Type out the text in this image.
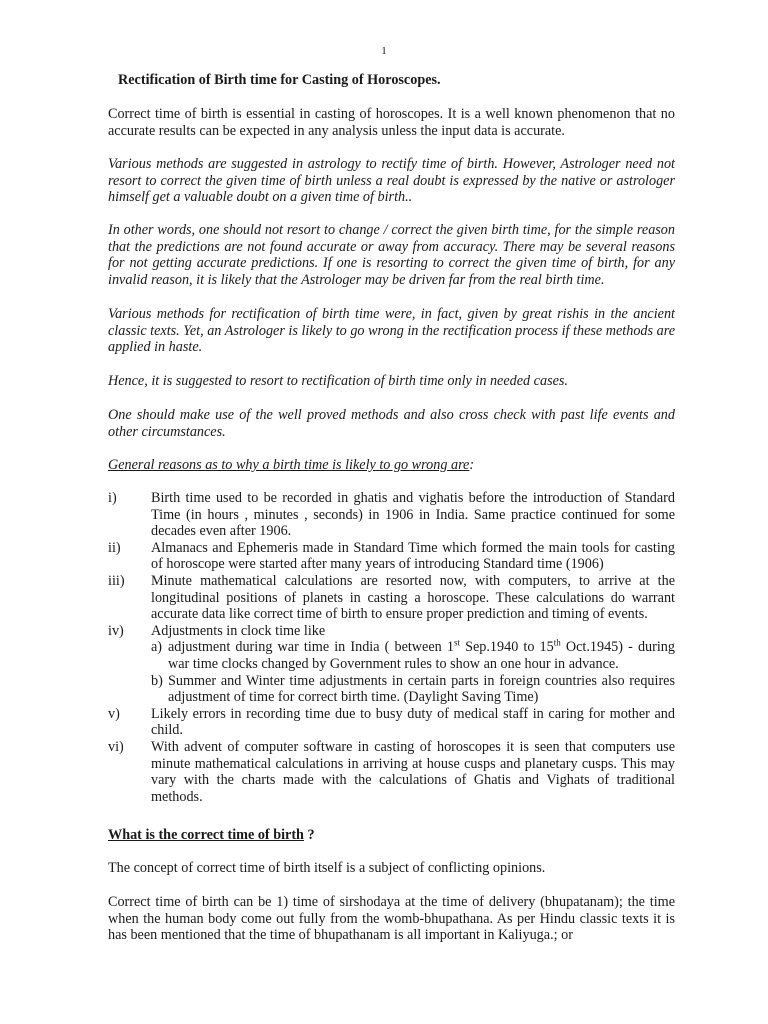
1
Rectification of Birth time for Casting of Horoscopes.
Correct time of birth is essential in casting of horoscopes. It is a well known phenomenon that no accurate results can be expected in any analysis unless the input data is accurate.
Various methods are suggested in astrology to rectify time of birth. However, Astrologer need not resort to correct the given time of birth unless a real doubt is expressed by the native or astrologer himself get a valuable doubt on a given time of birth..
In other words, one should not resort to change / correct the given birth time, for the simple reason that the predictions are not found accurate or away from accuracy. There may be several reasons for not getting accurate predictions. If one is resorting to correct the given time of birth, for any invalid reason, it is likely that the Astrologer may be driven far from the real birth time.
Various methods for rectification of birth time were, in fact, given by great rishis in the ancient classic texts. Yet, an Astrologer is likely to go wrong in the rectification process if these methods are applied in haste.
Hence, it is suggested to resort to rectification of birth time only in needed cases.
One should make use of the well proved methods and also cross check with past life events and other circumstances.
General reasons as to why a birth time is likely to go wrong are:
i)	Birth time used to be recorded in ghatis and vighatis before the introduction of Standard Time (in hours , minutes , seconds) in 1906 in India. Same practice continued for some decades even after 1906.
ii)	Almanacs and Ephemeris made in Standard Time which formed the main tools for casting of horoscope were started after many years of introducing Standard time (1906)
iii)	Minute mathematical calculations are resorted now, with computers, to arrive at the longitudinal positions of planets in casting a horoscope. These calculations do warrant accurate data like correct time of birth to ensure proper prediction and timing of events.
iv)	Adjustments in clock time like
a) adjustment during war time in India ( between 1st Sep.1940 to 15th Oct.1945) - during war time clocks changed by Government rules to show an one hour in advance.
b) Summer and Winter time adjustments in certain parts in foreign countries also requires adjustment of time for correct birth time. (Daylight Saving Time)
v)	Likely errors in recording time due to busy duty of medical staff in caring for mother and child.
vi)	With advent of computer software in casting of horoscopes it is seen that computers use minute mathematical calculations in arriving at house cusps and planetary cusps. This may vary with the charts made with the calculations of Ghatis and Vighats of traditional methods.
What is the correct time of birth ?
The concept of correct time of birth itself is a subject of conflicting opinions.
Correct time of birth can be 1) time of sirshodaya at the time of delivery (bhupatanam); the time when the human body come out fully from the womb-bhupathana. As per Hindu classic texts it is has been mentioned that the time of bhupathanam is all important in Kaliyuga.; or
